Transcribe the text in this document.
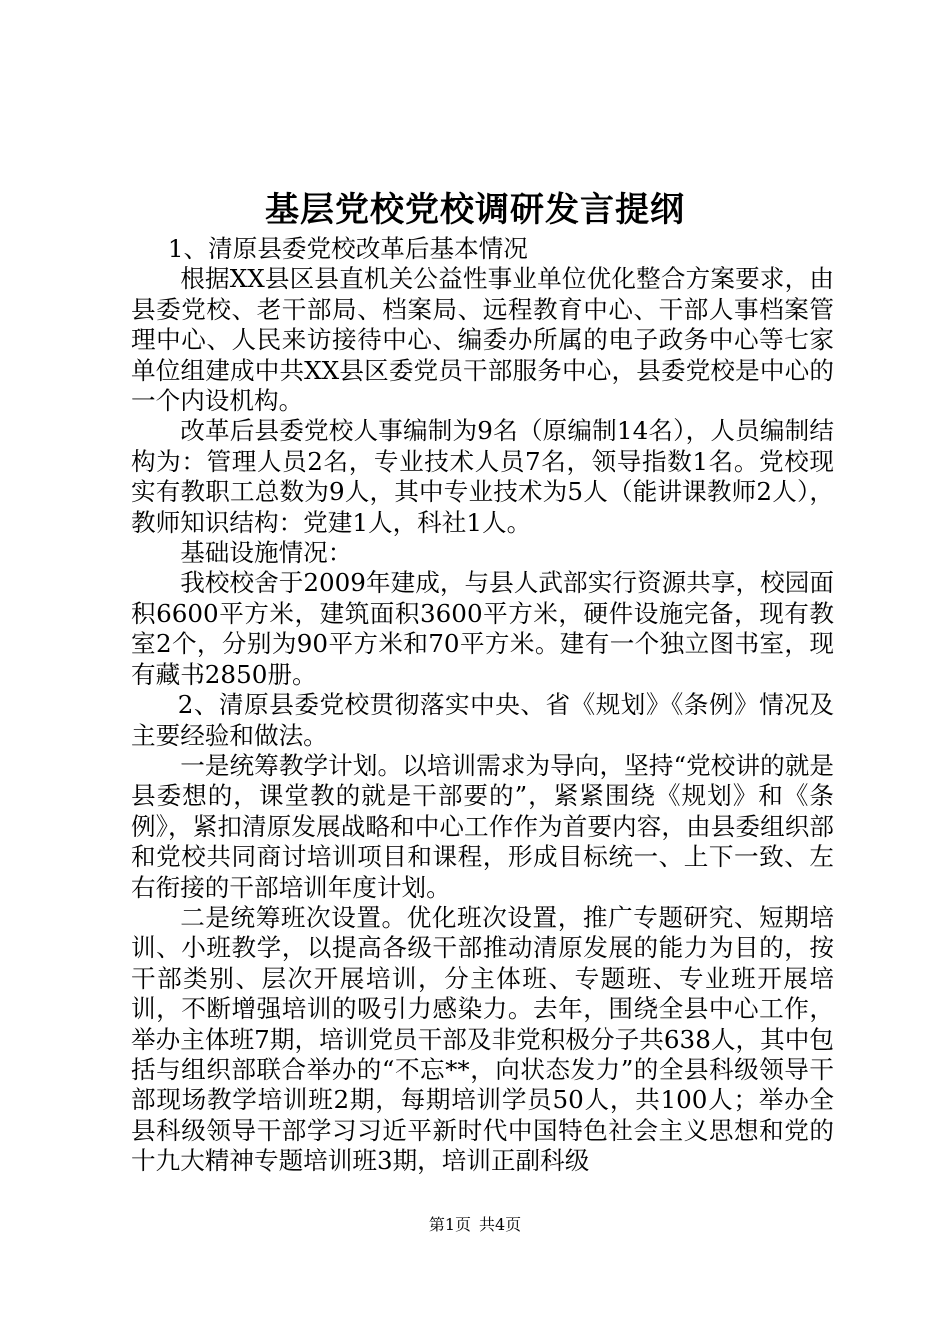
基层党校党校调研发言提纲

1、清原县委党校改革后基本情况

根据XX县区县直机关公益性事业单位优化整合方案要求，由县委党校、老干部局、档案局、远程教育中心、干部人事档案管理中心、人民来访接待中心、编委办所属的电子政务中心等七家单位组建成中共XX县区委党员干部服务中心，县委党校是中心的一个内设机构。

改革后县委党校人事编制为9名（原编制14名），人员编制结构为：管理人员2名，专业技术人员7名，领导指数1名。党校现实有教职工总数为9人，其中专业技术为5人（能讲课教师2人），教师知识结构：党建1人，科社1人。

基础设施情况：

我校校舍于2009年建成，与县人武部实行资源共享，校园面积6600平方米，建筑面积3600平方米，硬件设施完备，现有教室2个，分别为90平方米和70平方米。建有一个独立图书室，现有藏书2850册。

2、清原县委党校贯彻落实中央、省《规划》《条例》情况及主要经验和做法。

一是统筹教学计划。以培训需求为导向，坚持“党校讲的就是县委想的，课堂教的就是干部要的”，紧紧围绕《规划》和《条例》，紧扣清原发展战略和中心工作作为首要内容，由县委组织部和党校共同商讨培训项目和课程，形成目标统一、上下一致、左右衔接的干部培训年度计划。

二是统筹班次设置。优化班次设置，推广专题研究、短期培训、小班教学，以提高各级干部推动清原发展的能力为目的，按干部类别、层次开展培训，分主体班、专题班、专业班开展培训，不断增强培训的吸引力感染力。去年，围绕全县中心工作，举办主体班7期，培训党员干部及非党积极分子共638人，其中包括与组织部联合举办的“不忘**，向状态发力”的全县科级领导干部现场教学培训班2期，每期培训学员50人，共100人；举办全县科级领导干部学习习近平新时代中国特色社会主义思想和党的十九大精神专题培训班3期，培训正副科级

第1页 共4页
